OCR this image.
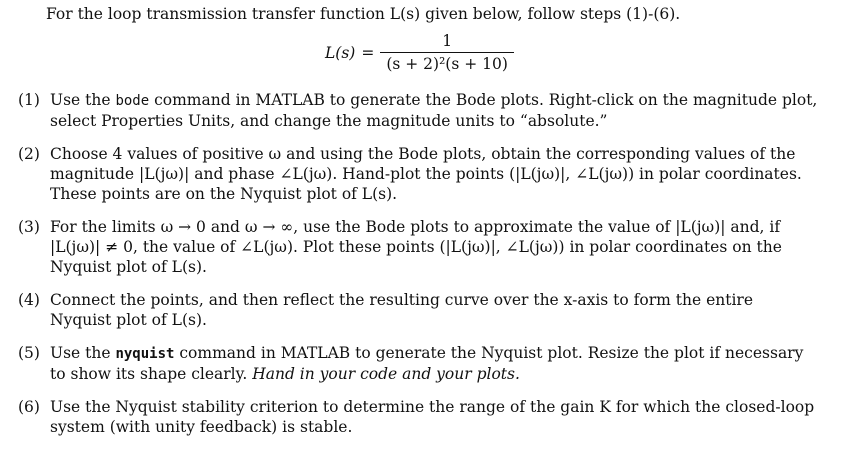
For the loop transmission transfer function L(s) given below, follow steps (1)-(6).
$L(s) = \frac{1}{\text{(s + 2)²(s + 10)}}$
(1) Use the bode command in MATLAB to generate the Bode plots. Right-click on the magnitude plot, select Properties Units, and change the magnitude units to “absolute.”
(2) Choose 4 values of positive ω and using the Bode plots, obtain the corresponding values of the magnitude |L(jω)| and phase ∠L(jω). Hand-plot the points (|L(jω)|, ∠L(jω)) in polar coordinates. These points are on the Nyquist plot of L(s).
(3) For the limits ω → 0 and ω → ∞, use the Bode plots to approximate the value of |L(jω)| and, if |L(jω)| ≠ 0, the value of ∠L(jω). Plot these points (|L(jω)|, ∠L(jω)) in polar coordinates on the Nyquist plot of L(s).
(4) Connect the points, and then reflect the resulting curve over the x-axis to form the entire Nyquist plot of L(s).
(5) Use the nyquist command in MATLAB to generate the Nyquist plot. Resize the plot if necessary to show its shape clearly. Hand in your code and your plots.
(6) Use the Nyquist stability criterion to determine the range of the gain K for which the closed-loop system (with unity feedback) is stable.
